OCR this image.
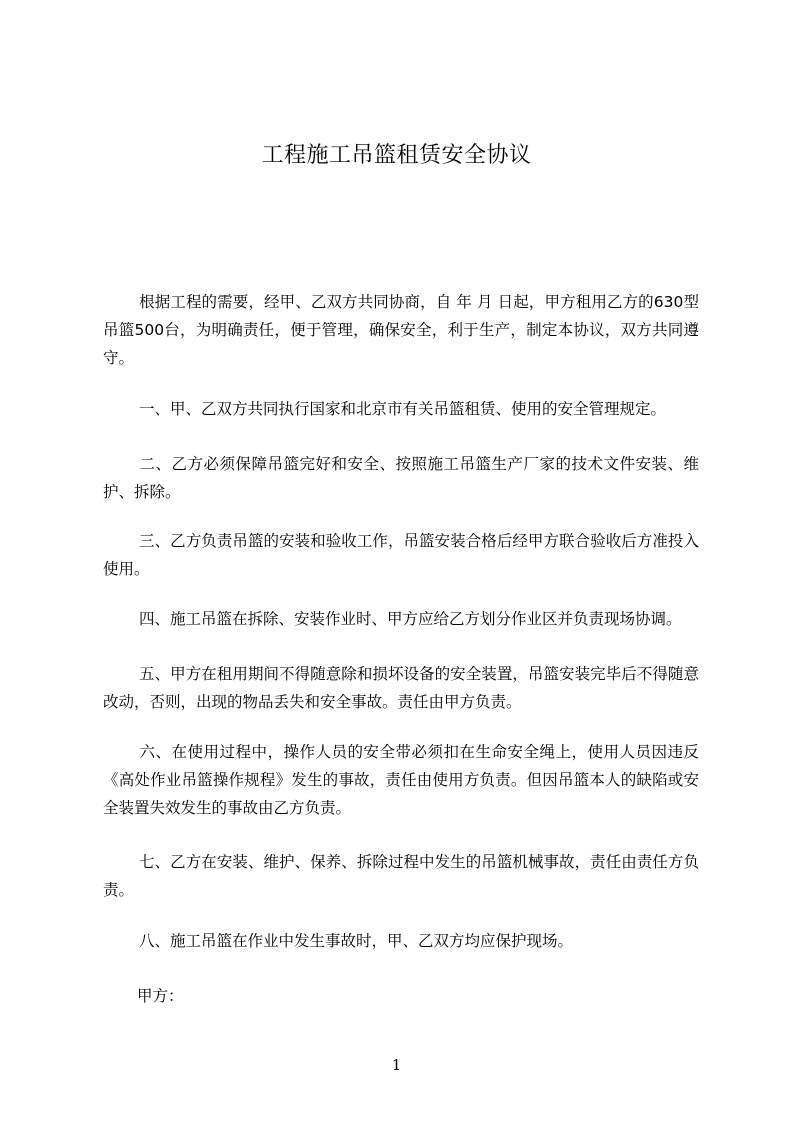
工程施工吊篮租赁安全协议

根据工程的需要，经甲、乙双方共同协商，自 年 月 日起，甲方租用乙方的630型吊篮500台，为明确责任，便于管理，确保安全，利于生产，制定本协议，双方共同遵守。

一、甲、乙双方共同执行国家和北京市有关吊篮租赁、使用的安全管理规定。

二、乙方必须保障吊篮完好和安全、按照施工吊篮生产厂家的技术文件安装、维护、拆除。

三、乙方负责吊篮的安装和验收工作，吊篮安装合格后经甲方联合验收后方准投入使用。

四、施工吊篮在拆除、安装作业时、甲方应给乙方划分作业区并负责现场协调。

五、甲方在租用期间不得随意除和损坏设备的安全装置，吊篮安装完毕后不得随意改动，否则，出现的物品丢失和安全事故。责任由甲方负责。

六、在使用过程中，操作人员的安全带必须扣在生命安全绳上，使用人员因违反《高处作业吊篮操作规程》发生的事故，责任由使用方负责。但因吊篮本人的缺陷或安全装置失效发生的事故由乙方负责。

七、乙方在安装、维护、保养、拆除过程中发生的吊篮机械事故，责任由责任方负责。

八、施工吊篮在作业中发生事故时，甲、乙双方均应保护现场。

甲方：
1
